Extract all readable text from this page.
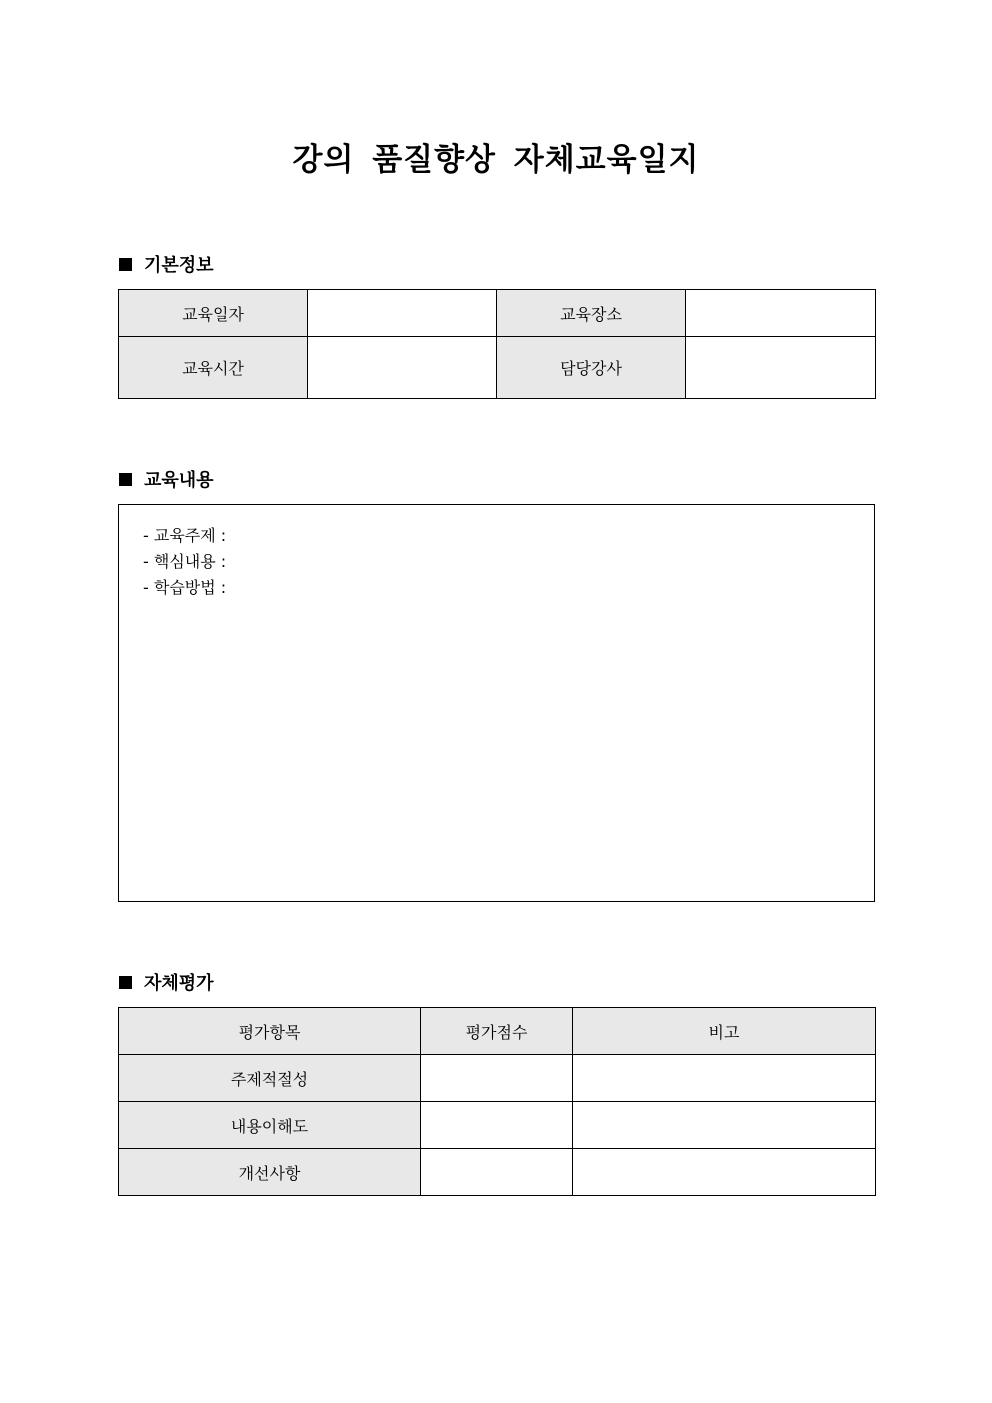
강의 품질향상 자체교육일지
기본정보
교육일자		교육장소	
교육시간		담당강사	
교육내용
- 교육주제 :
- 핵심내용 :
- 학습방법 :
자체평가
평가항목	평가점수	비고
주제적절성		
내용이해도		
개선사항		
